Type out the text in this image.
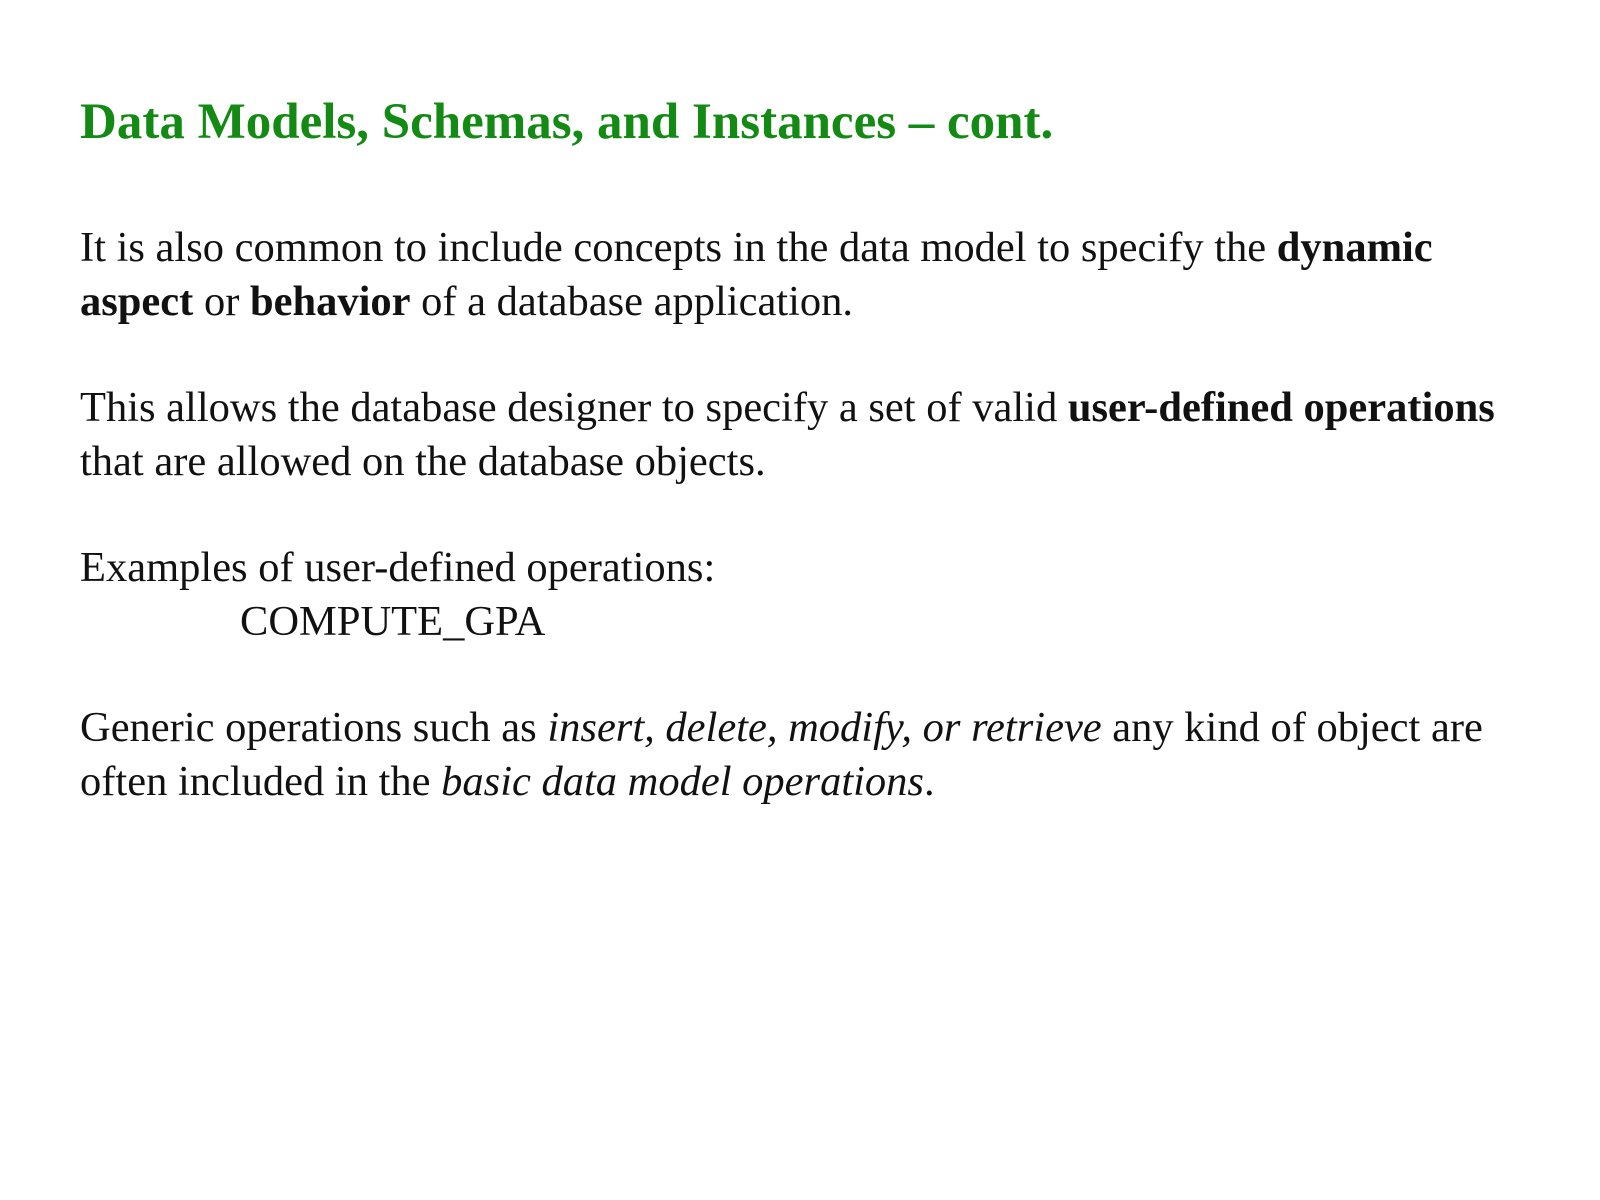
Data Models, Schemas, and Instances – cont.

It is also common to include concepts in the data model to specify the dynamic aspect or behavior of a database application.

This allows the database designer to specify a set of valid user-defined operations that are allowed on the database objects.

Examples of user-defined operations:
COMPUTE_GPA

Generic operations such as insert, delete, modify, or retrieve any kind of object are often included in the basic data model operations.
